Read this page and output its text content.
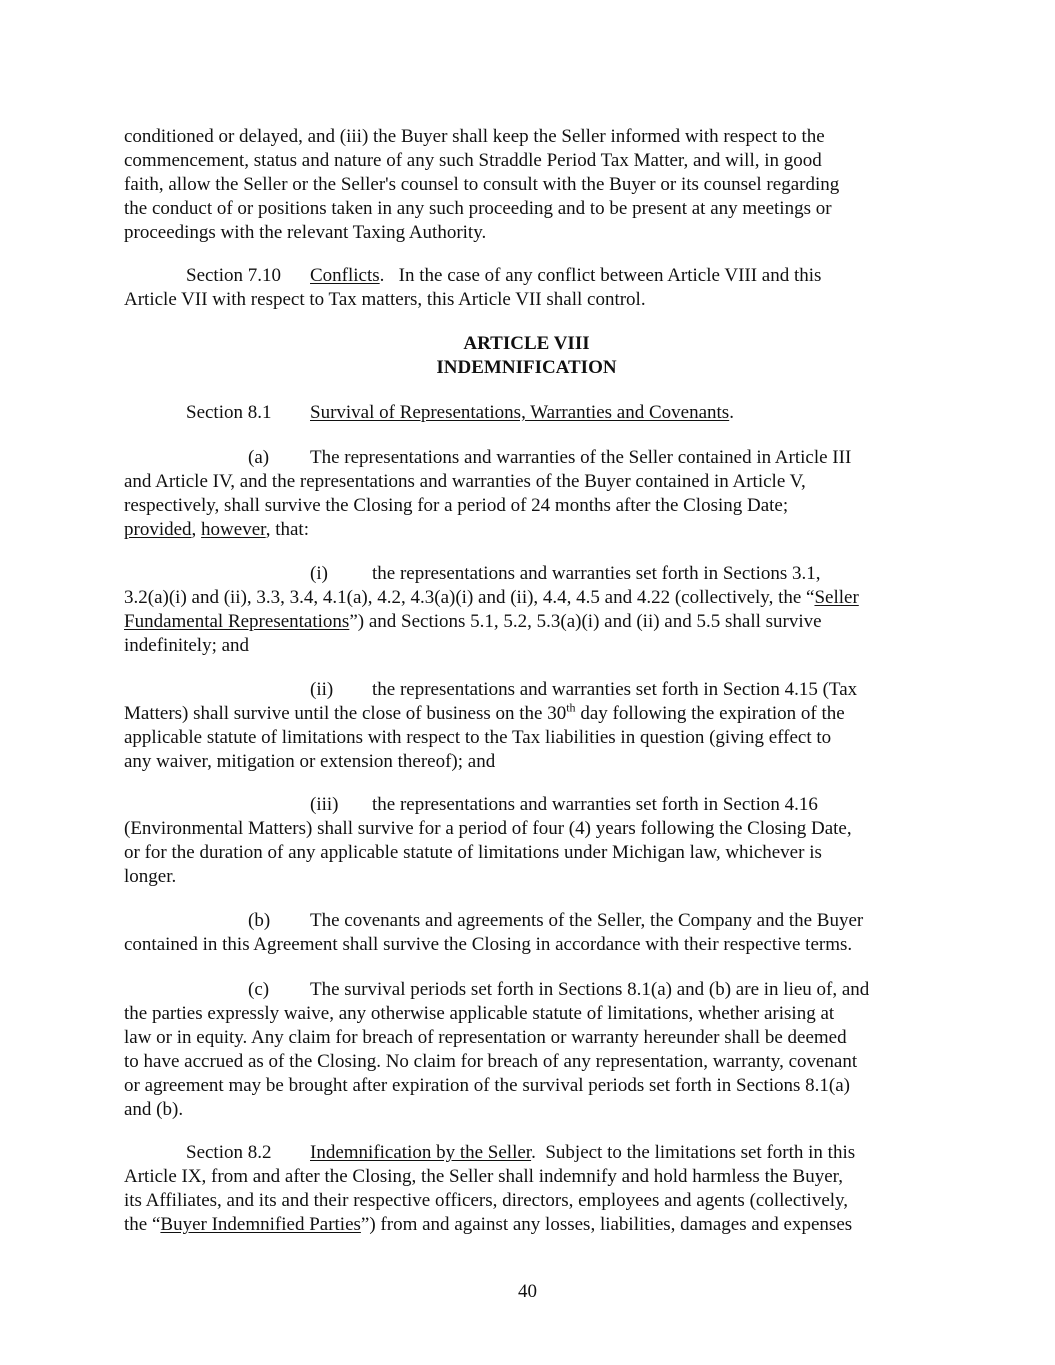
conditioned or delayed, and (iii) the Buyer shall keep the Seller informed with respect to the
commencement, status and nature of any such Straddle Period Tax Matter, and will, in good
faith, allow the Seller or the Seller's counsel to consult with the Buyer or its counsel regarding
the conduct of or positions taken in any such proceeding and to be present at any meetings or
proceedings with the relevant Taxing Authority.
Section 7.10 Conflicts.   In the case of any conflict between Article VIII and this
Article VII with respect to Tax matters, this Article VII shall control.
ARTICLE VIII
INDEMNIFICATION
Section 8.1 Survival of Representations, Warranties and Covenants.
(a) The representations and warranties of the Seller contained in Article III
and Article IV, and the representations and warranties of the Buyer contained in Article V,
respectively, shall survive the Closing for a period of 24 months after the Closing Date;
provided, however, that:
(i) the representations and warranties set forth in Sections 3.1,
3.2(a)(i) and (ii), 3.3, 3.4, 4.1(a), 4.2, 4.3(a)(i) and (ii), 4.4, 4.5 and 4.22 (collectively, the “Seller
Fundamental Representations”) and Sections 5.1, 5.2, 5.3(a)(i) and (ii) and 5.5 shall survive
indefinitely; and
(ii) the representations and warranties set forth in Section 4.15 (Tax
Matters) shall survive until the close of business on the 30th day following the expiration of the
applicable statute of limitations with respect to the Tax liabilities in question (giving effect to
any waiver, mitigation or extension thereof); and
(iii) the representations and warranties set forth in Section 4.16
(Environmental Matters) shall survive for a period of four (4) years following the Closing Date,
or for the duration of any applicable statute of limitations under Michigan law, whichever is
longer.
(b) The covenants and agreements of the Seller, the Company and the Buyer
contained in this Agreement shall survive the Closing in accordance with their respective terms.
(c) The survival periods set forth in Sections 8.1(a) and (b) are in lieu of, and
the parties expressly waive, any otherwise applicable statute of limitations, whether arising at
law or in equity. Any claim for breach of representation or warranty hereunder shall be deemed
to have accrued as of the Closing. No claim for breach of any representation, warranty, covenant
or agreement may be brought after expiration of the survival periods set forth in Sections 8.1(a)
and (b).
Section 8.2 Indemnification by the Seller.  Subject to the limitations set forth in this
Article IX, from and after the Closing, the Seller shall indemnify and hold harmless the Buyer,
its Affiliates, and its and their respective officers, directors, employees and agents (collectively,
the “Buyer Indemnified Parties”) from and against any losses, liabilities, damages and expenses
40
